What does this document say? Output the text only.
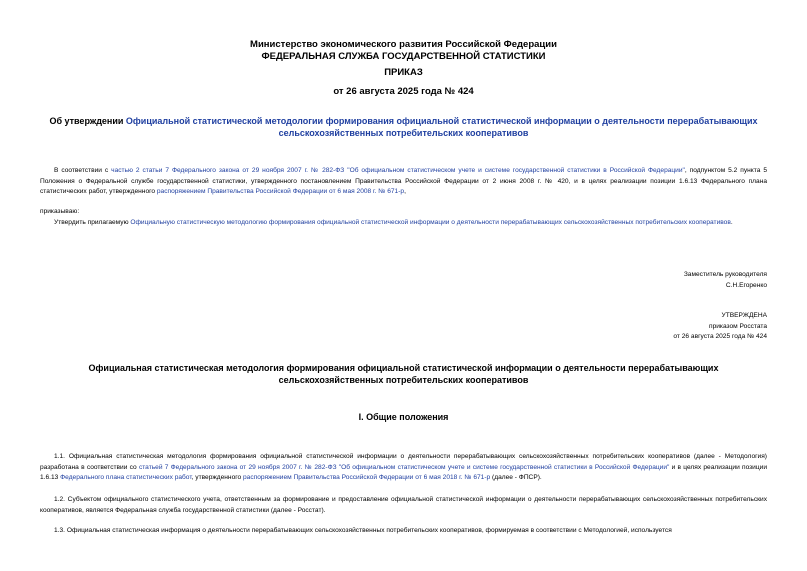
Министерство экономического развития Российской Федерации
ФЕДЕРАЛЬНАЯ СЛУЖБА ГОСУДАРСТВЕННОЙ СТАТИСТИКИ
ПРИКАЗ
от 26 августа 2025 года № 424
Об утверждении Официальной статистической методологии формирования официальной статистической информации о деятельности перерабатывающих сельскохозяйственных потребительских кооперативов
В соответствии с частью 2 статьи 7 Федерального закона от 29 ноября 2007 г. № 282-ФЗ "Об официальном статистическом учете и системе государственной статистики в Российской Федерации", подпунктом 5.2 пункта 5 Положения о Федеральной службе государственной статистики, утвержденного постановлением Правительства Российской Федерации от 2 июня 2008 г. № 420, и в целях реализации позиции 1.6.13 Федерального плана статистических работ, утвержденного распоряжением Правительства Российской Федерации от 6 мая 2008 г. № 671-р,
приказываю:
Утвердить прилагаемую Официальную статистическую методологию формирования официальной статистической информации о деятельности перерабатывающих сельскохозяйственных потребительских кооперативов.
Заместитель руководителя
С.Н.Егоренко
УТВЕРЖДЕНА
приказом Росстата
от 26 августа 2025 года № 424
Официальная статистическая методология формирования официальной статистической информации о деятельности перерабатывающих сельскохозяйственных потребительских кооперативов
I. Общие положения
1.1. Официальная статистическая методология формирования официальной статистической информации о деятельности перерабатывающих сельскохозяйственных потребительских кооперативов (далее - Методология) разработана в соответствии со статьей 7 Федерального закона от 29 ноября 2007 г. № 282-ФЗ "Об официальном статистическом учете и системе государственной статистики в Российской Федерации" и в целях реализации позиции 1.6.13 Федерального плана статистических работ, утвержденного распоряжением Правительства Российской Федерации от 6 мая 2018 г. № 671-р (далее - ФПСР).
1.2. Субъектом официального статистического учета, ответственным за формирование и предоставление официальной статистической информации о деятельности перерабатывающих сельскохозяйственных потребительских кооперативов, является Федеральная служба государственной статистики (далее - Росстат).
1.3. Официальная статистическая информация о деятельности перерабатывающих сельскохозяйственных потребительских кооперативов, формируемая в соответствии с Методологией, используется
